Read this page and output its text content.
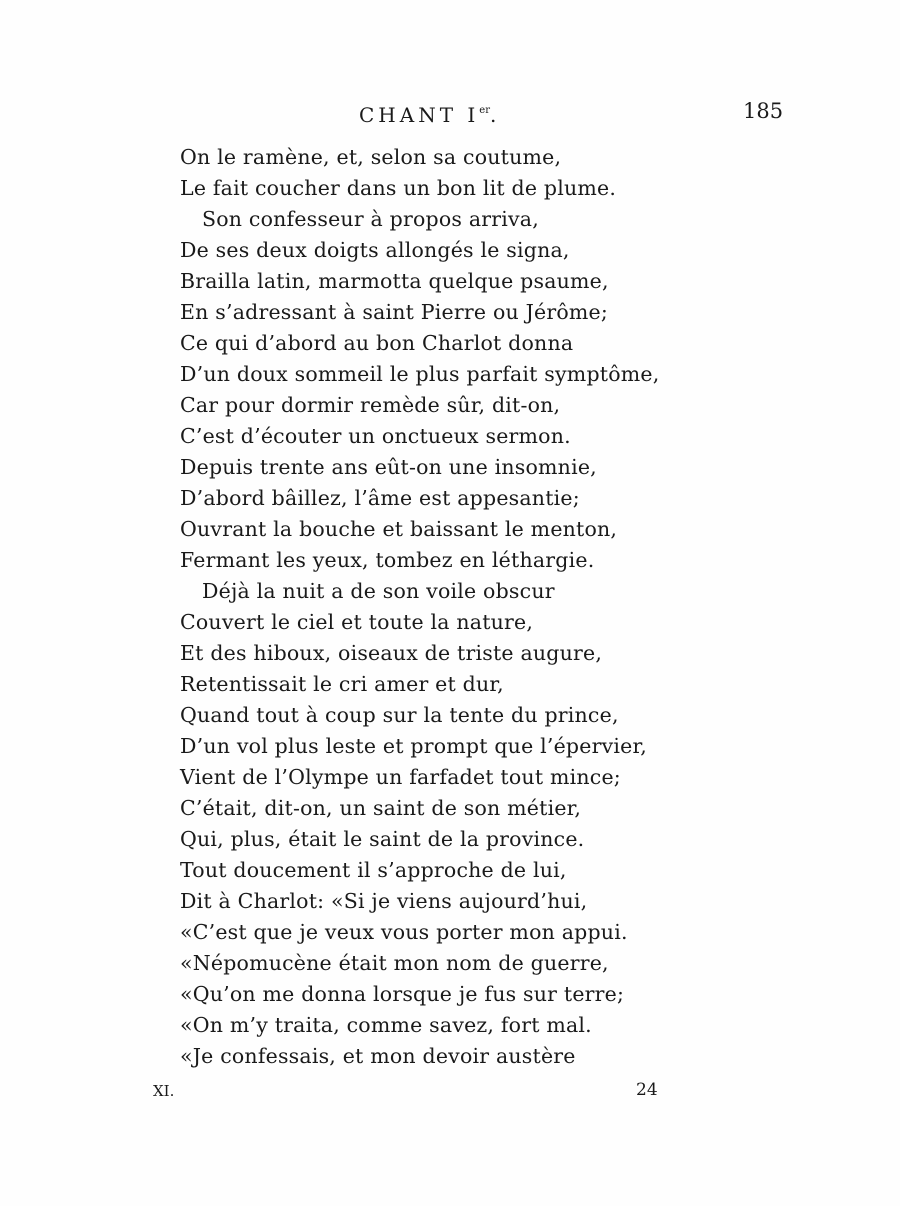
CHANT Ier.	185
On le ramène, et, selon sa coutume,
Le fait coucher dans un bon lit de plume.
Son confesseur à propos arriva,
De ses deux doigts allongés le signa,
Brailla latin, marmotta quelque psaume,
En s’adressant à saint Pierre ou Jérôme;
Ce qui d’abord au bon Charlot donna
D’un doux sommeil le plus parfait symptôme,
Car pour dormir remède sûr, dit-on,
C’est d’écouter un onctueux sermon.
Depuis trente ans eût-on une insomnie,
D’abord bâillez, l’âme est appesantie;
Ouvrant la bouche et baissant le menton,
Fermant les yeux, tombez en léthargie.
Déjà la nuit a de son voile obscur
Couvert le ciel et toute la nature,
Et des hiboux, oiseaux de triste augure,
Retentissait le cri amer et dur,
Quand tout à coup sur la tente du prince,
D’un vol plus leste et prompt que l’épervier,
Vient de l’Olympe un farfadet tout mince;
C’était, dit-on, un saint de son métier,
Qui, plus, était le saint de la province.
Tout doucement il s’approche de lui,
Dit à Charlot: «Si je viens aujourd’hui,
«C’est que je veux vous porter mon appui.
«Népomucène était mon nom de guerre,
«Qu’on me donna lorsque je fus sur terre;
«On m’y traita, comme savez, fort mal.
«Je confessais, et mon devoir austère
XI.	24
